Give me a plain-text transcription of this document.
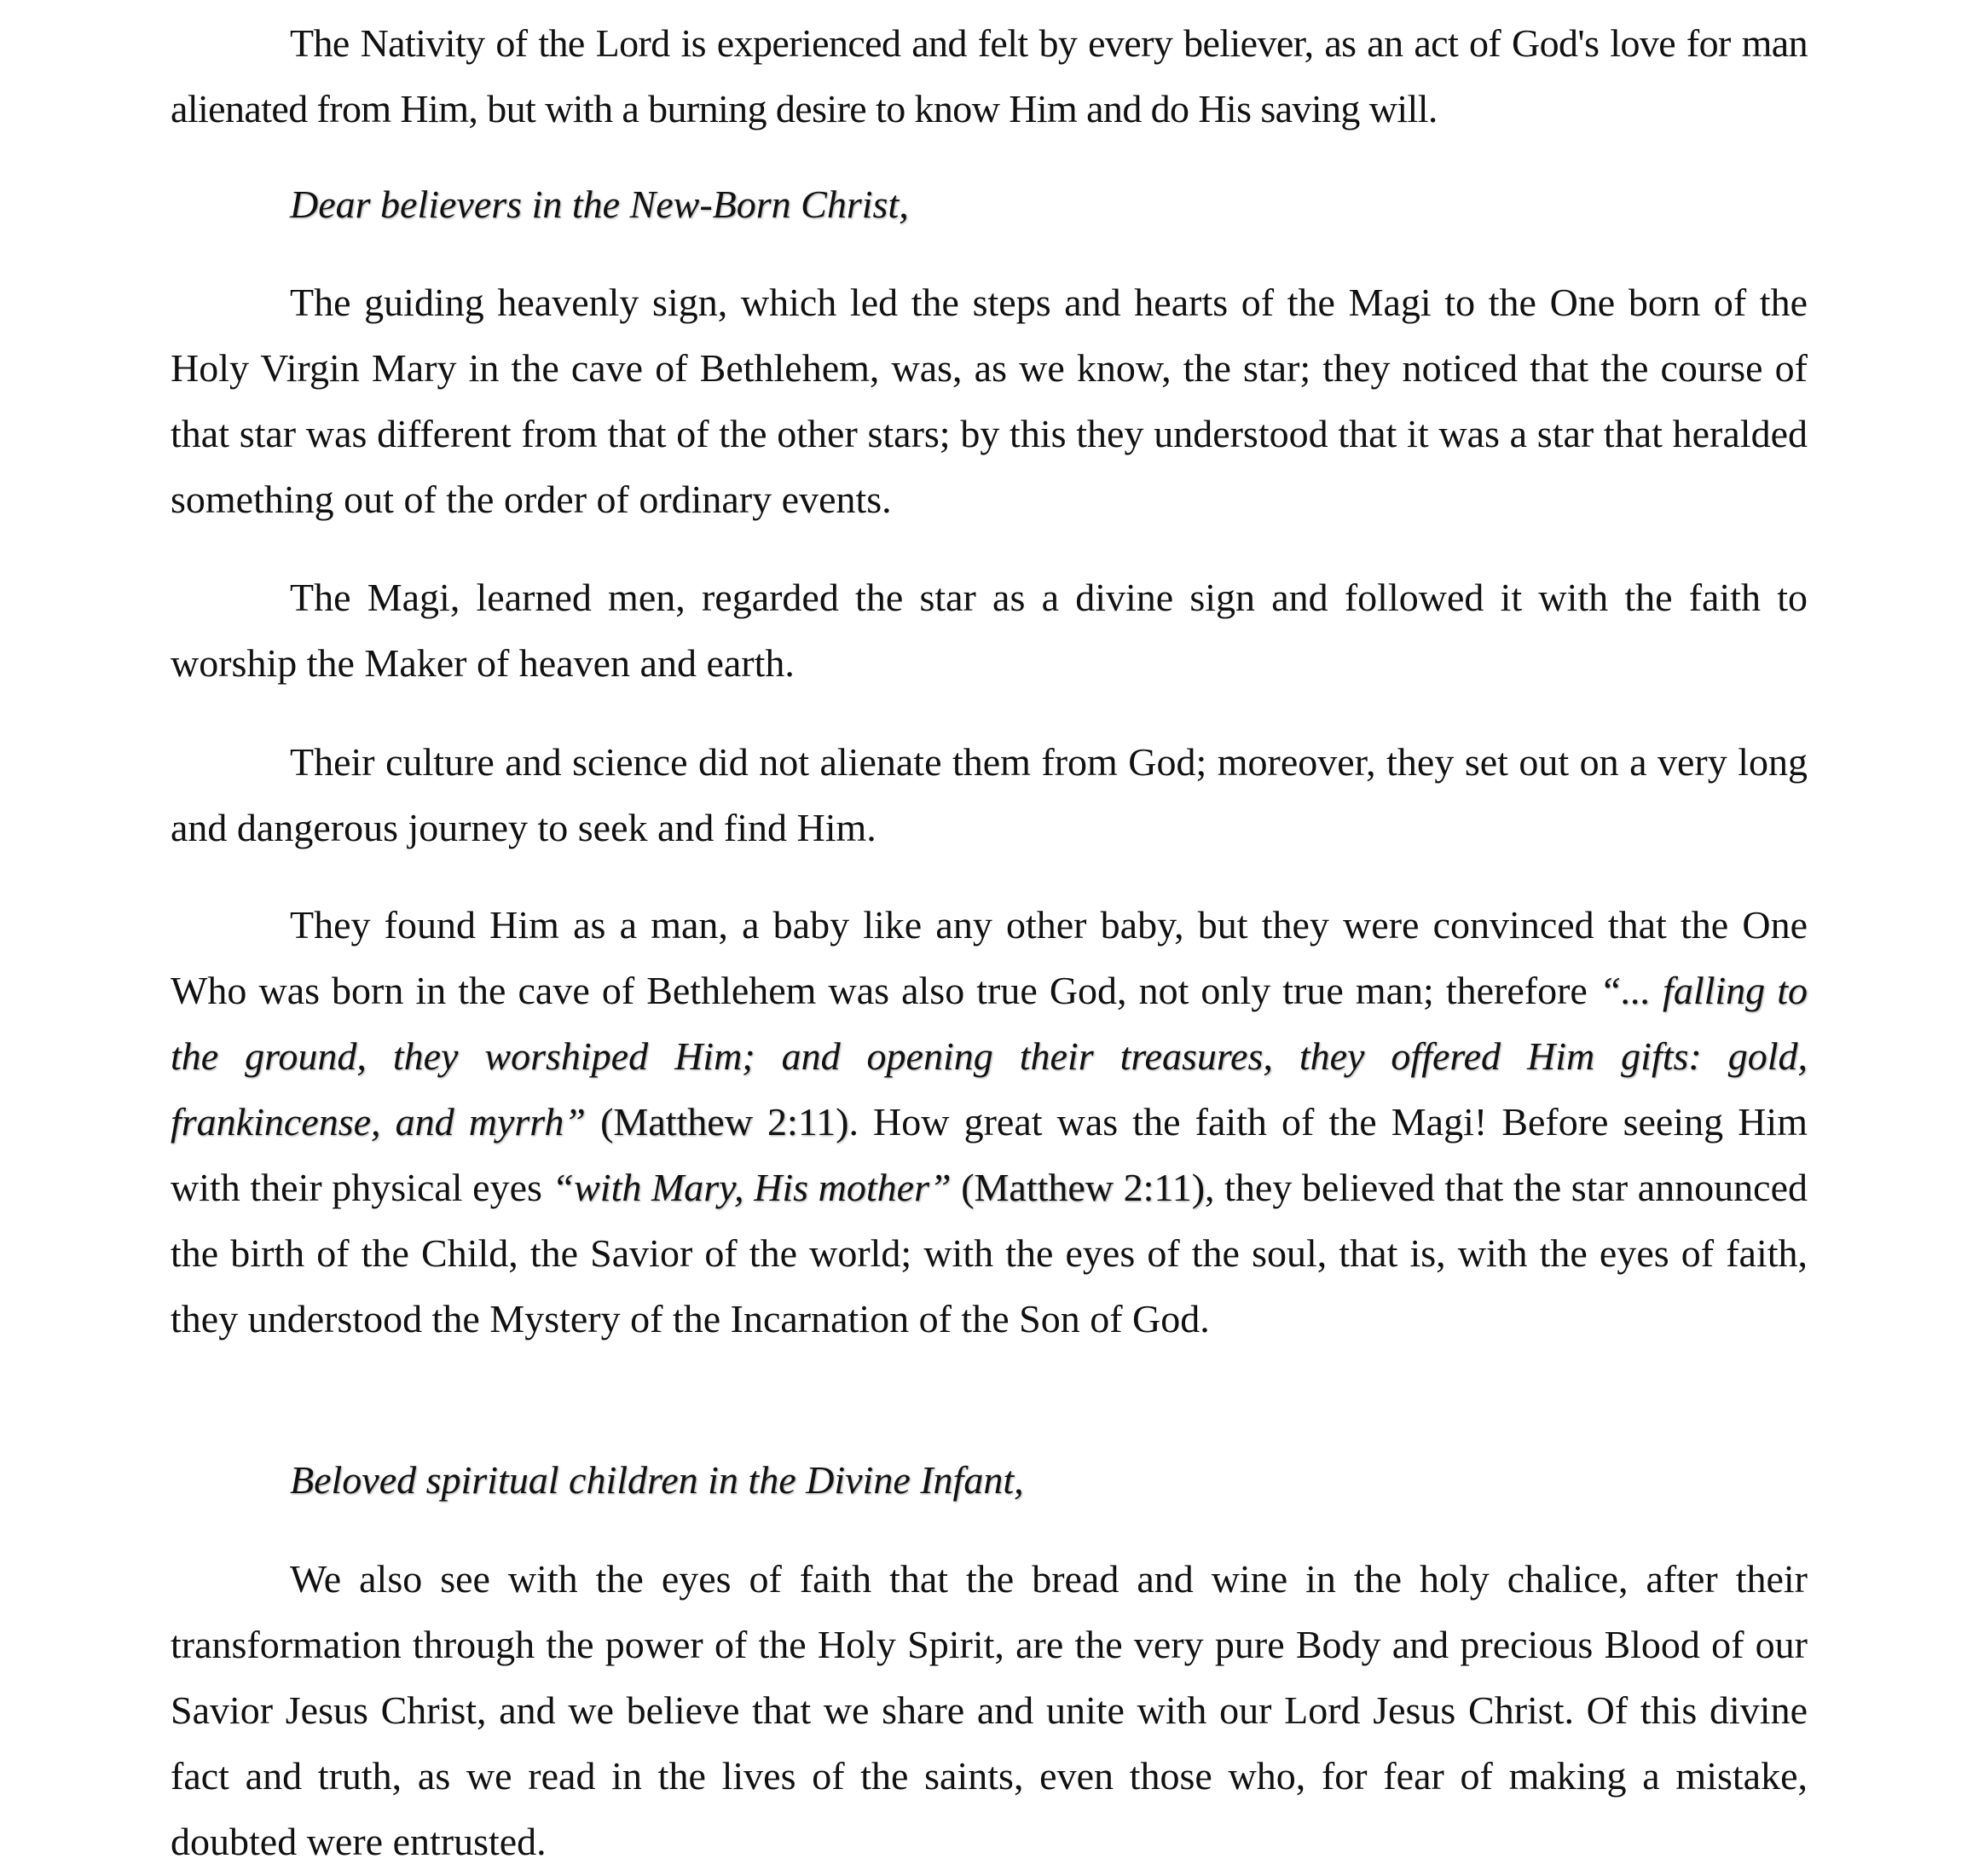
The Nativity of the Lord is experienced and felt by every believer, as an act of God's love for man alienated from Him, but with a burning desire to know Him and do His saving will.

Dear believers in the New-Born Christ,

The guiding heavenly sign, which led the steps and hearts of the Magi to the One born of the Holy Virgin Mary in the cave of Bethlehem, was, as we know, the star; they noticed that the course of that star was different from that of the other stars; by this they understood that it was a star that heralded something out of the order of ordinary events.

The Magi, learned men, regarded the star as a divine sign and followed it with the faith to worship the Maker of heaven and earth.

Their culture and science did not alienate them from God; moreover, they set out on a very long and dangerous journey to seek and find Him.

They found Him as a man, a baby like any other baby, but they were convinced that the One Who was born in the cave of Bethlehem was also true God, not only true man; therefore “... falling to the ground, they worshiped Him; and opening their treasures, they offered Him gifts: gold, frankincense, and myrrh” (Matthew 2:11). How great was the faith of the Magi! Before seeing Him with their physical eyes “with Mary, His mother” (Matthew 2:11), they believed that the star announced the birth of the Child, the Savior of the world; with the eyes of the soul, that is, with the eyes of faith, they understood the Mystery of the Incarnation of the Son of God.

Beloved spiritual children in the Divine Infant,

We also see with the eyes of faith that the bread and wine in the holy chalice, after their transformation through the power of the Holy Spirit, are the very pure Body and precious Blood of our Savior Jesus Christ, and we believe that we share and unite with our Lord Jesus Christ. Of this divine fact and truth, as we read in the lives of the saints, even those who, for fear of making a mistake, doubted were entrusted.
